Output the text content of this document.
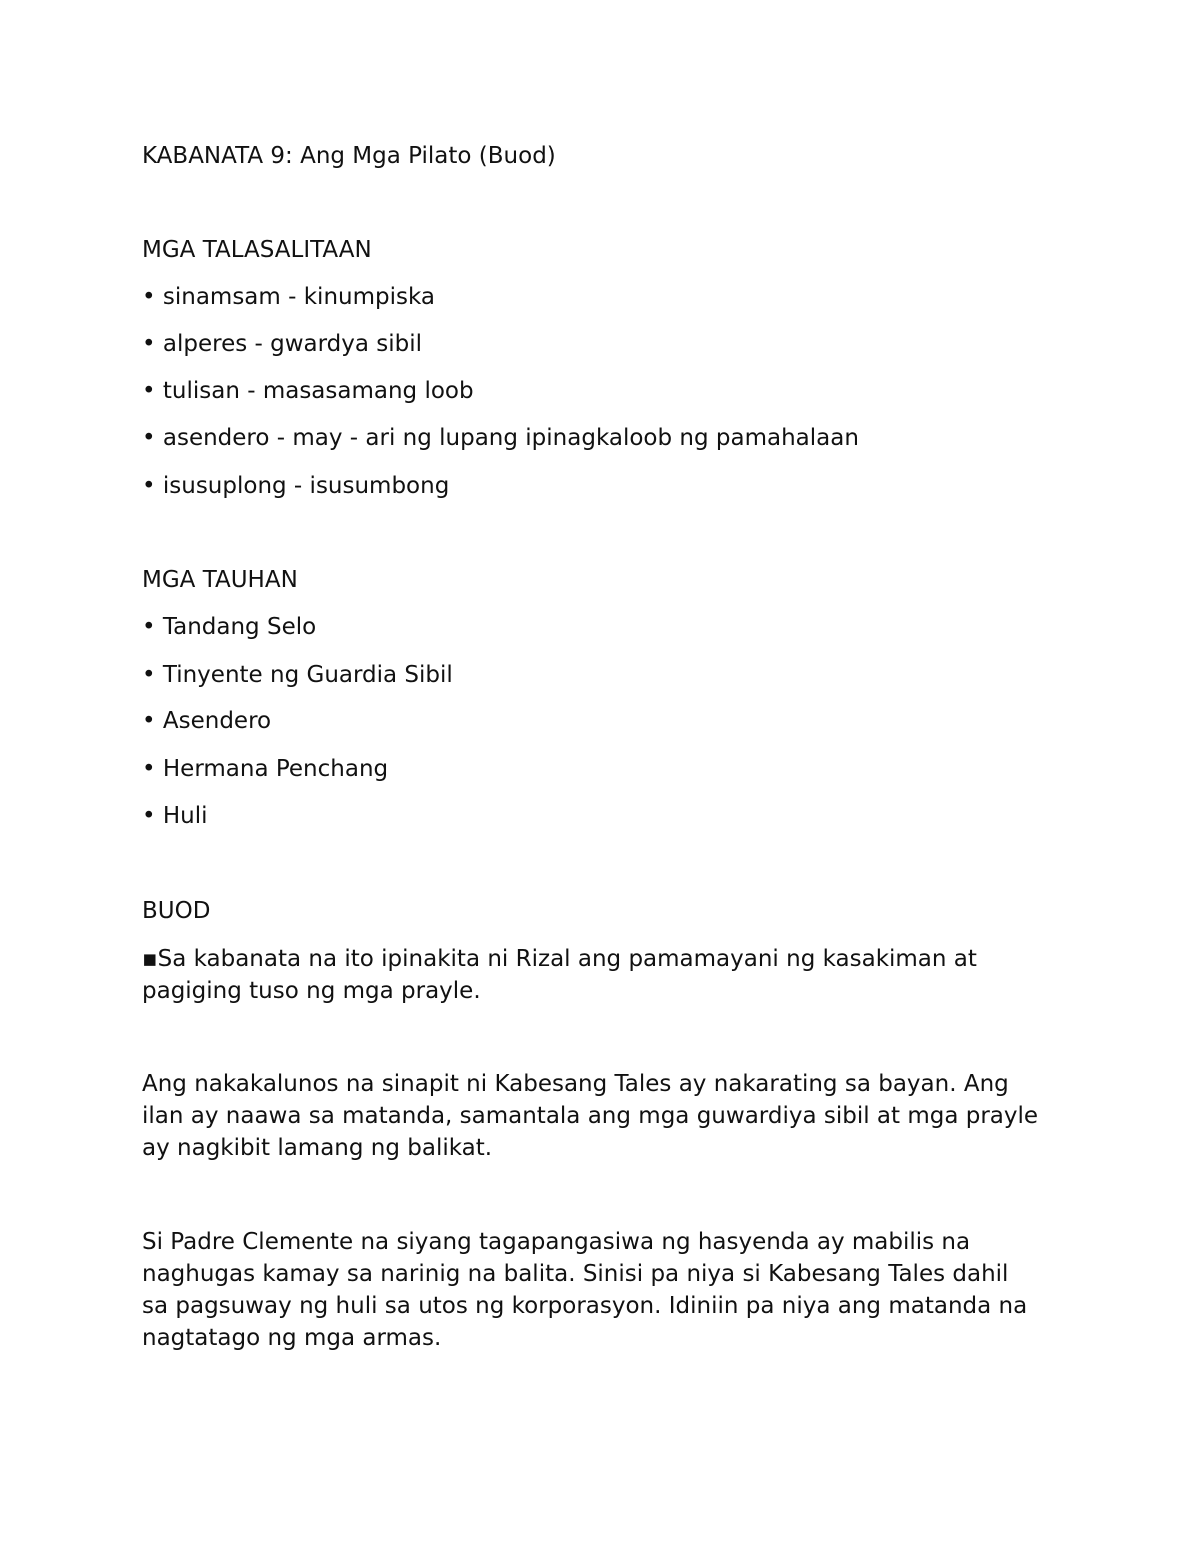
KABANATA 9: Ang Mga Pilato (Buod)
MGA TALASALITAAN
• sinamsam - kinumpiska
• alperes - gwardya sibil
• tulisan - masasamang loob
• asendero - may - ari ng lupang ipinagkaloob ng pamahalaan
• isusuplong - isusumbong
MGA TAUHAN
• Tandang Selo
• Tinyente ng Guardia Sibil
• Asendero
• Hermana Penchang
• Huli
BUOD
▪Sa kabanata na ito ipinakita ni Rizal ang pamamayani ng kasakiman at
pagiging tuso ng mga prayle.
Ang nakakalunos na sinapit ni Kabesang Tales ay nakarating sa bayan. Ang
ilan ay naawa sa matanda, samantala ang mga guwardiya sibil at mga prayle
ay nagkibit lamang ng balikat.
Si Padre Clemente na siyang tagapangasiwa ng hasyenda ay mabilis na
naghugas kamay sa narinig na balita. Sinisi pa niya si Kabesang Tales dahil
sa pagsuway ng huli sa utos ng korporasyon. Idiniin pa niya ang matanda na
nagtatago ng mga armas.
